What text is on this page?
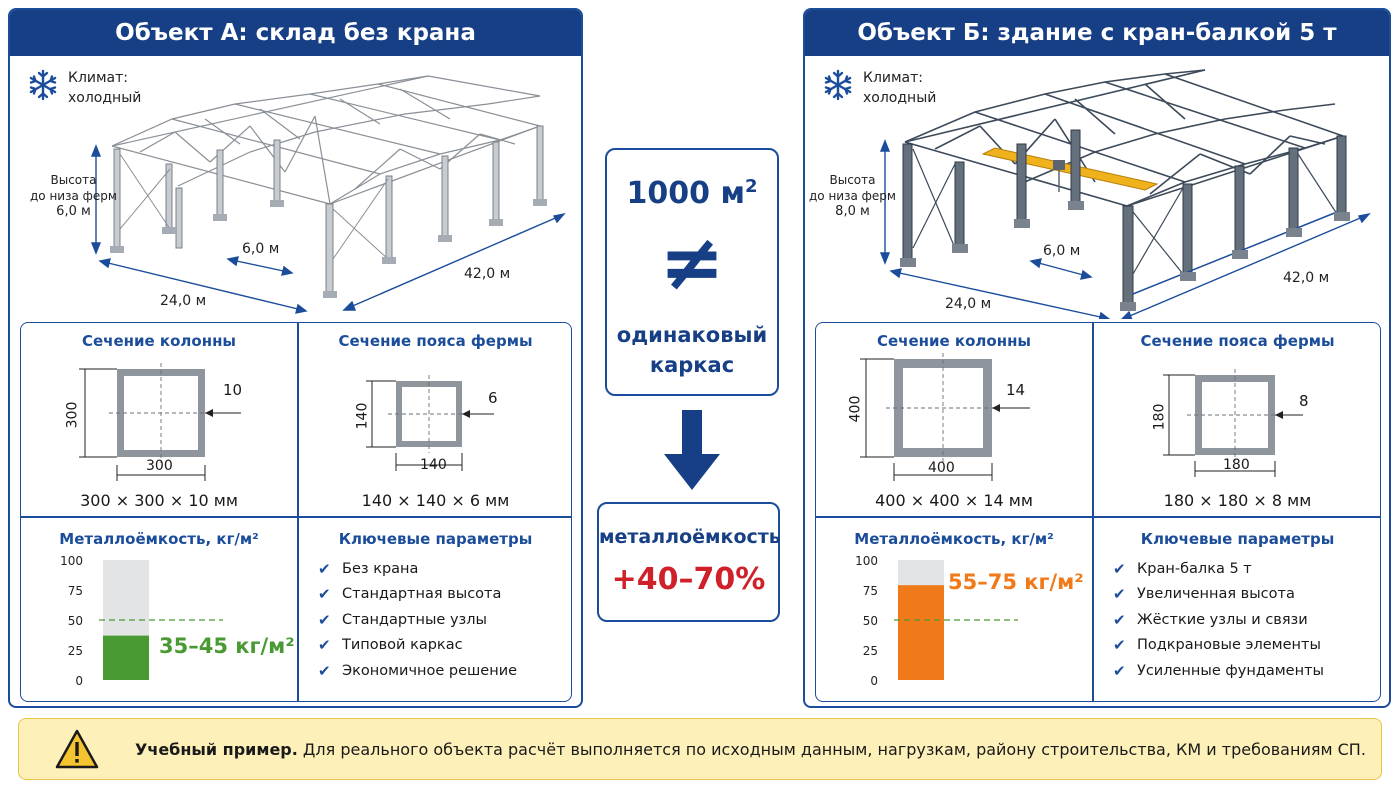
Объект А: склад без крана
Климат:
холодный
Высота
до низа ферм
6,0 м
24,0 м
42,0 м
6,0 м
Сечение колонны
300
300
10
300 × 300 × 10 мм
Сечение пояса фермы
140
140
6
140 × 140 × 6 мм
Металлоёмкость, кг/м²
100
75
50
25
0
35–45 кг/м²
Ключевые параметры
✔ Без крана
✔ Стандартная высота
✔ Стандартные узлы
✔ Типовой каркас
✔ Экономичное решение
1000 $м^2$
≠
одинаковый
каркас
металлоёмкость
+40–70%
Объект Б: здание с кран-балкой 5 т
Климат:
холодный
Высота
до низа ферм
8,0 м
24,0 м
42,0 м
6,0 м
Сечение колонны
400
400
14
400 × 400 × 14 мм
Сечение пояса фермы
180
180
8
180 × 180 × 8 мм
Металлоёмкость, кг/м²
100
75
50
25
0
55–75 кг/м²
Ключевые параметры
✔ Кран-балка 5 т
✔ Увеличенная высота
✔ Жёсткие узлы и связи
✔ Подкрановые элементы
✔ Усиленные фундаменты
Учебный пример. Для реального объекта расчёт выполняется по исходным данным, нагрузкам, району строительства, КМ и требованиям СП.
